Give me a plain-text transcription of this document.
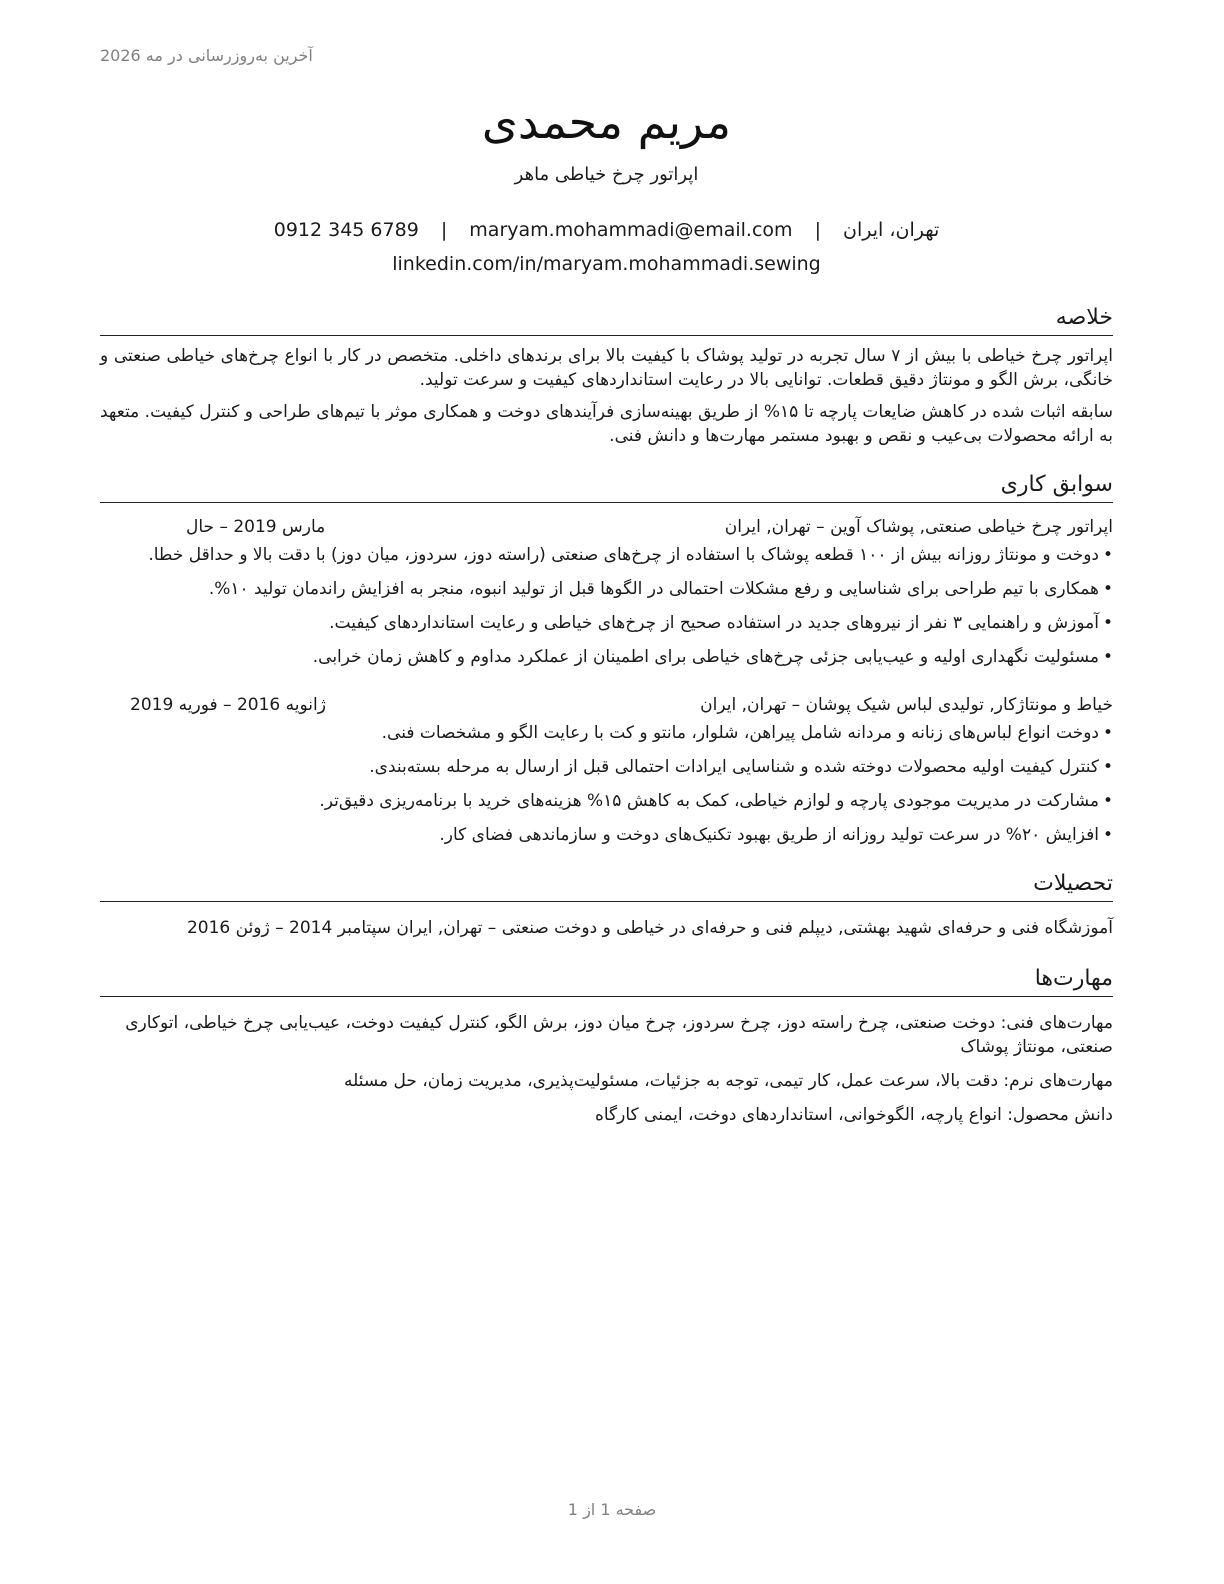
آخرین به‌روزرسانی در مه 2026
مریم محمدی
اپراتور چرخ خیاطی ماهر
تهران، ایران | maryam.mohammadi@email.com | 0912 345 6789
linkedin.com/in/maryam.mohammadi.sewing
خلاصه

اپراتور چرخ خیاطی با بیش از ۷ سال تجربه در تولید پوشاک با کیفیت بالا برای برندهای داخلی. متخصص در کار با انواع چرخ‌های خیاطی صنعتی و خانگی، برش الگو و مونتاژ دقیق قطعات. توانایی بالا در رعایت استانداردهای کیفیت و سرعت تولید.

سابقه اثبات شده در کاهش ضایعات پارچه تا ۱۵% از طریق بهینه‌سازی فرآیندهای دوخت و همکاری موثر با تیم‌های طراحی و کنترل کیفیت. متعهد به ارائه محصولات بی‌عیب و نقص و بهبود مستمر مهارت‌ها و دانش فنی.

سوابق کاری
اپراتور چرخ خیاطی صنعتی, پوشاک آوین – تهران, ایران
مارس 2019 – حال
• دوخت و مونتاژ روزانه بیش از ۱۰۰ قطعه پوشاک با استفاده از چرخ‌های صنعتی (راسته دوز، سردوز، میان دوز) با دقت بالا و حداقل خطا.
• همکاری با تیم طراحی برای شناسایی و رفع مشکلات احتمالی در الگوها قبل از تولید انبوه، منجر به افزایش راندمان تولید ۱۰%.
• آموزش و راهنمایی ۳ نفر از نیروهای جدید در استفاده صحیح از چرخ‌های خیاطی و رعایت استانداردهای کیفیت.
• مسئولیت نگهداری اولیه و عیب‌یابی جزئی چرخ‌های خیاطی برای اطمینان از عملکرد مداوم و کاهش زمان خرابی.
خیاط و مونتاژکار, تولیدی لباس شیک پوشان – تهران, ایران
ژانویه 2016 – فوریه 2019
• دوخت انواع لباس‌های زنانه و مردانه شامل پیراهن، شلوار، مانتو و کت با رعایت الگو و مشخصات فنی.
• کنترل کیفیت اولیه محصولات دوخته شده و شناسایی ایرادات احتمالی قبل از ارسال به مرحله بسته‌بندی.
• مشارکت در مدیریت موجودی پارچه و لوازم خیاطی، کمک به کاهش ۱۵% هزینه‌های خرید با برنامه‌ریزی دقیق‌تر.
• افزایش ۲۰% در سرعت تولید روزانه از طریق بهبود تکنیک‌های دوخت و سازماندهی فضای کار.
تحصیلات
آموزشگاه فنی و حرفه‌ای شهید بهشتی, دیپلم فنی و حرفه‌ای در خیاطی و دوخت صنعتی – تهران, ایران سپتامبر 2014 – ژوئن 2016
مهارت‌ها
مهارت‌های فنی: دوخت صنعتی، چرخ راسته دوز، چرخ سردوز، چرخ میان دوز، برش الگو، کنترل کیفیت دوخت، عیب‌یابی چرخ خیاطی، اتوکاری صنعتی، مونتاژ پوشاک
مهارت‌های نرم: دقت بالا، سرعت عمل، کار تیمی، توجه به جزئیات، مسئولیت‌پذیری، مدیریت زمان، حل مسئله
دانش محصول: انواع پارچه، الگوخوانی، استانداردهای دوخت، ایمنی کارگاه
صفحه 1 از 1
